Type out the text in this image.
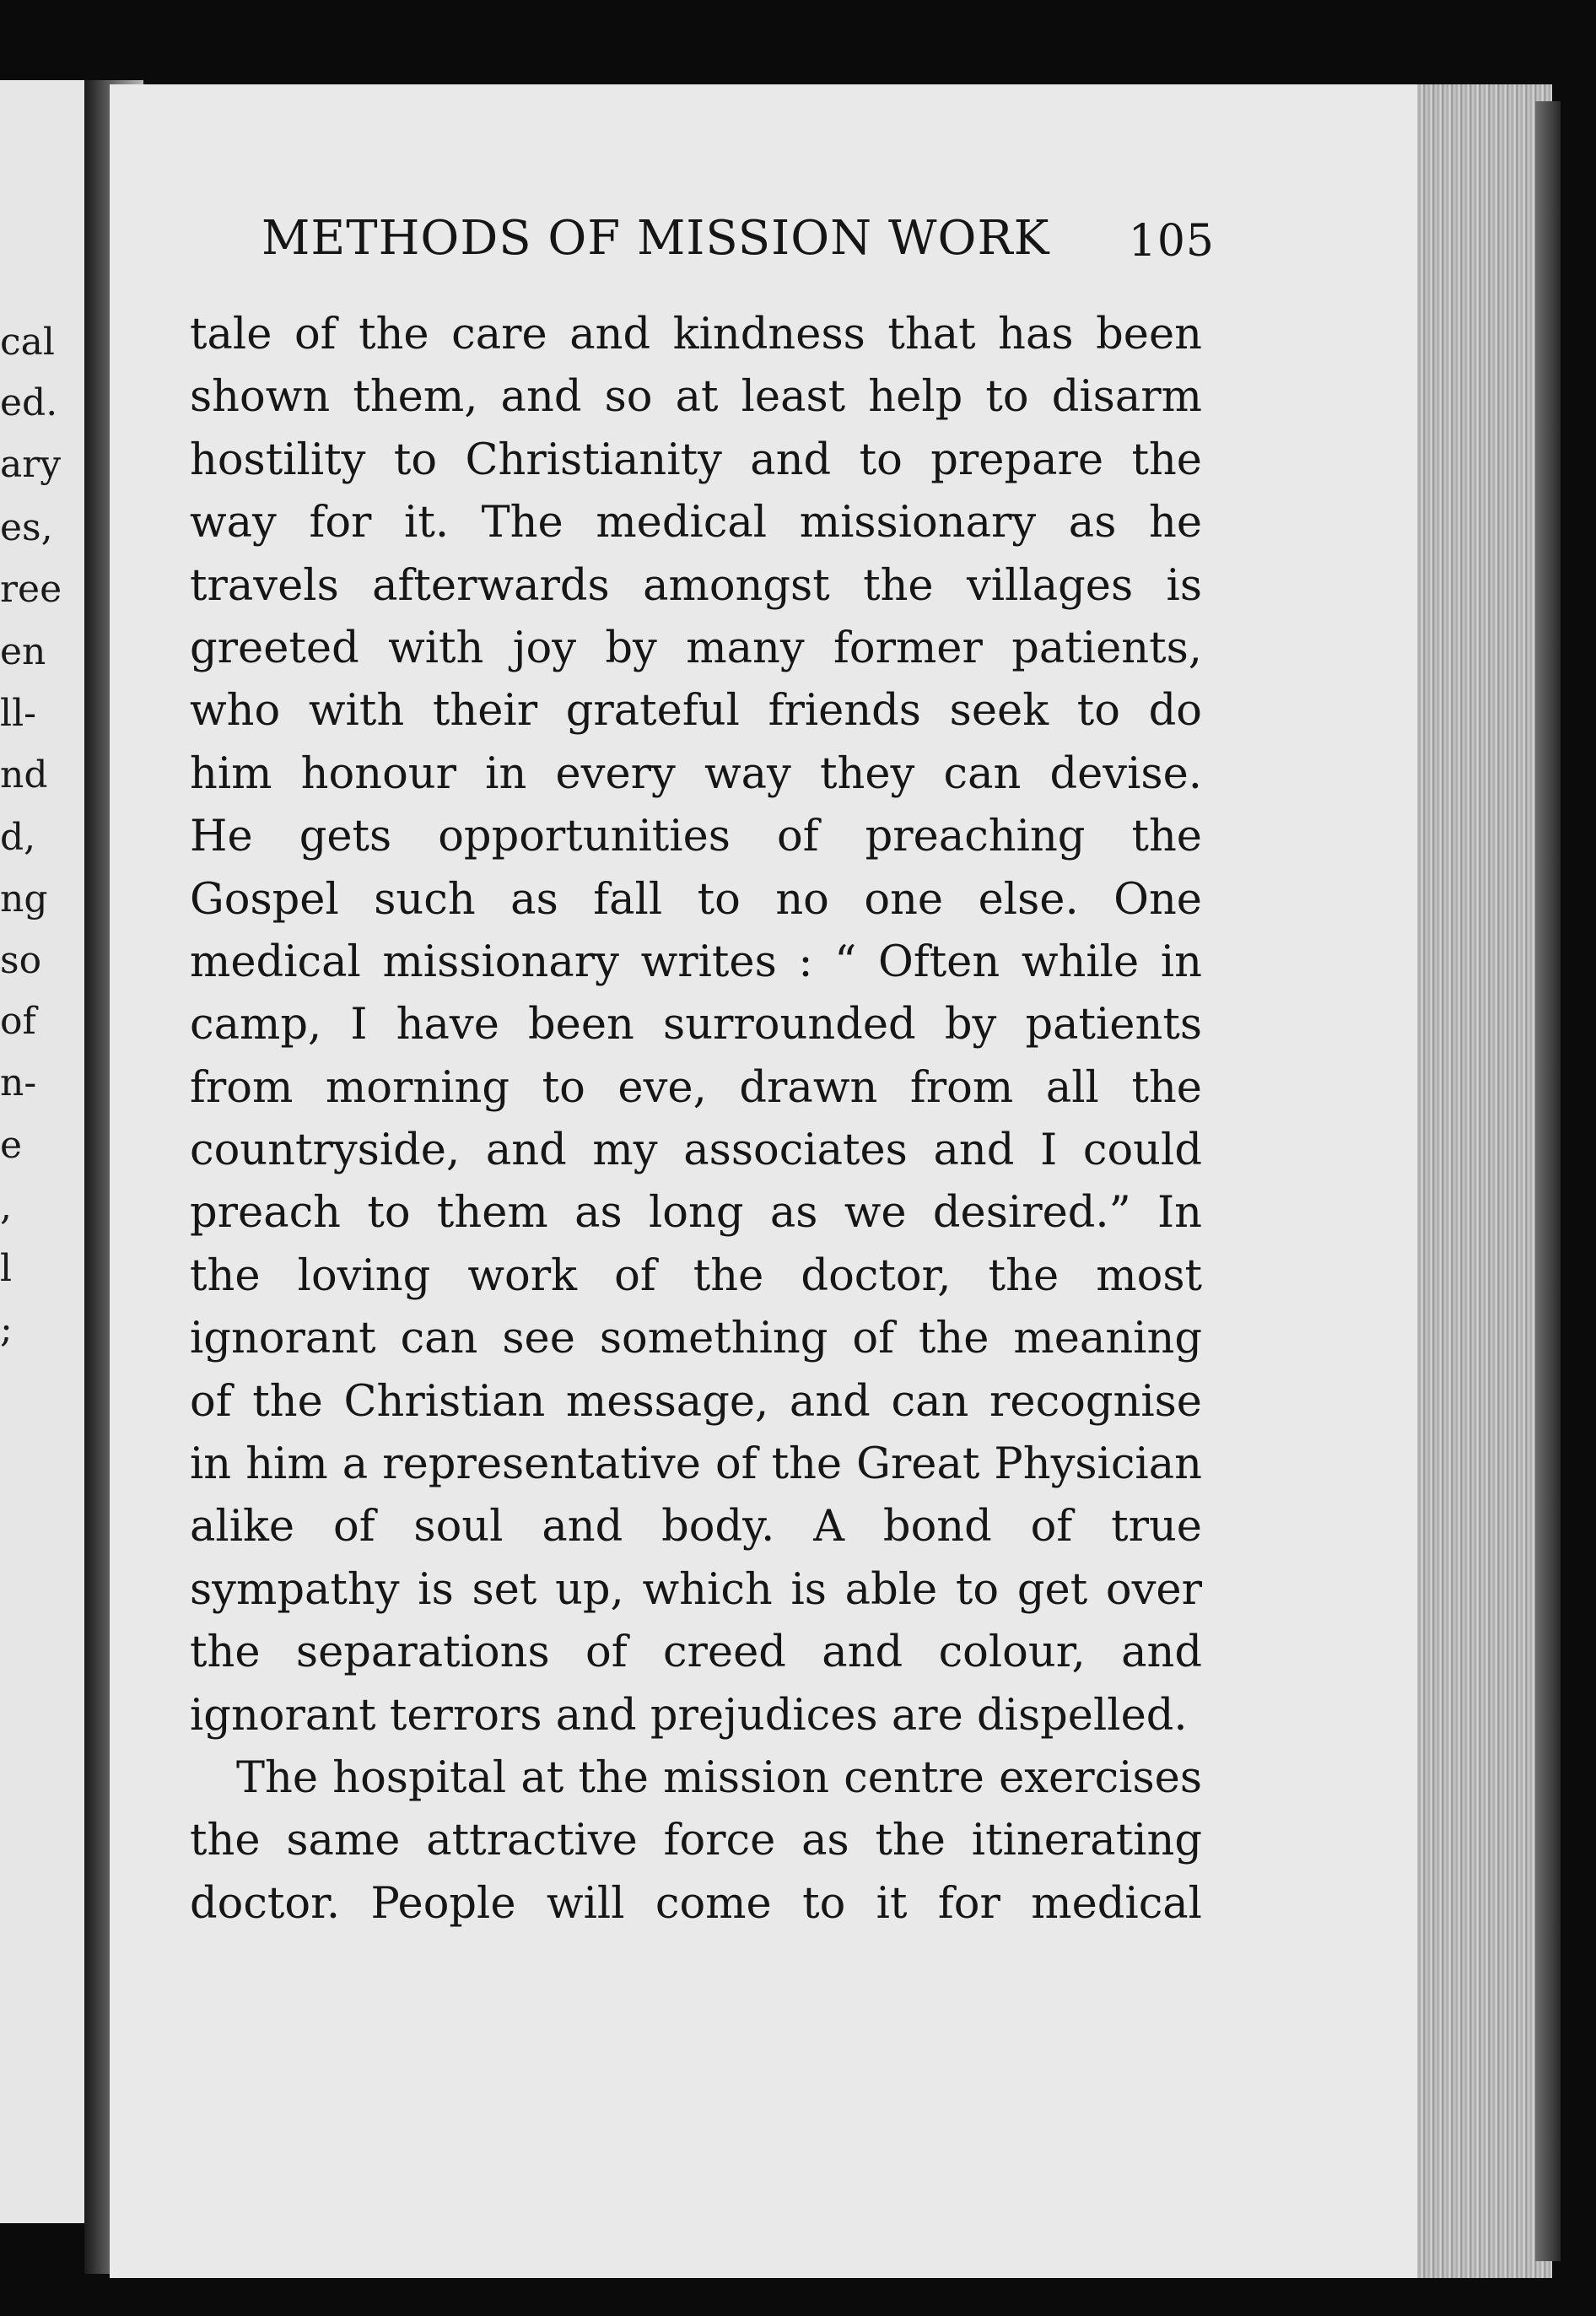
cal
ed.
ary
es,
ree
en
ll-
nd
d,
ng
so
of
n-
e
,
l
;
METHODS OF MISSION WORK 105
tale of the care and kindness that has been
shown them, and so at least help to disarm
hostility to Christianity and to prepare the
way for it. The medical missionary as he
travels afterwards amongst the villages is
greeted with joy by many former patients,
who with their grateful friends seek to do
him honour in every way they can devise.
He gets opportunities of preaching the
Gospel such as fall to no one else. One
medical missionary writes : “ Often while in
camp, I have been surrounded by patients
from morning to eve, drawn from all the
countryside, and my associates and I could
preach to them as long as we desired.” In
the loving work of the doctor, the most
ignorant can see something of the meaning
of the Christian message, and can recognise
in him a representative of the Great Physician
alike of soul and body. A bond of true
sympathy is set up, which is able to get over
the separations of creed and colour, and
ignorant terrors and prejudices are dispelled.
The hospital at the mission centre exercises
the same attractive force as the itinerating
doctor. People will come to it for medical
